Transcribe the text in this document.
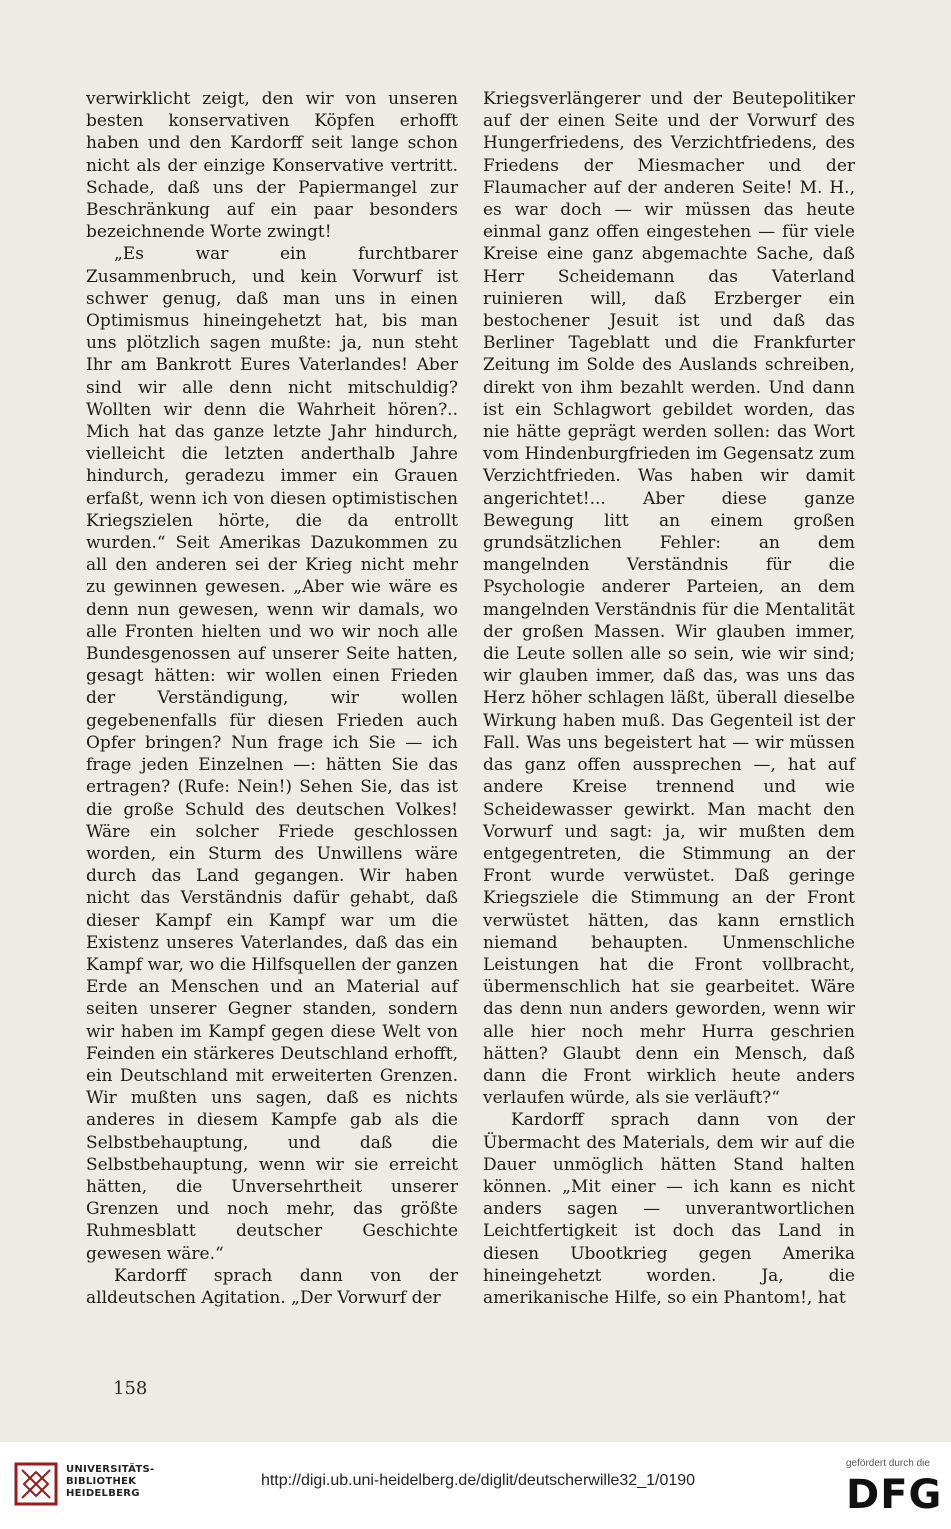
verwirklicht zeigt, den wir von unseren besten konservativen Köpfen erhofft haben und den Kardorff seit lange schon nicht als der einzige Konservative vertritt. Schade, daß uns der Papiermangel zur Beschränkung auf ein paar besonders bezeichnende Worte zwingt!

„Es war ein furchtbarer Zusammenbruch, und kein Vorwurf ist schwer genug, daß man uns in einen Optimismus hineingehetzt hat, bis man uns plötzlich sagen mußte: ja, nun steht Ihr am Bankrott Eures Vaterlandes! Aber sind wir alle denn nicht mitschuldig? Wollten wir denn die Wahrheit hören?.. Mich hat das ganze letzte Jahr hindurch, vielleicht die letzten anderthalb Jahre hindurch, geradezu immer ein Grauen erfaßt, wenn ich von diesen optimistischen Kriegszielen hörte, die da entrollt wurden.“ Seit Amerikas Dazukommen zu all den anderen sei der Krieg nicht mehr zu gewinnen gewesen. „Aber wie wäre es denn nun gewesen, wenn wir damals, wo alle Fronten hielten und wo wir noch alle Bundesgenossen auf unserer Seite hatten, gesagt hätten: wir wollen einen Frieden der Verständigung, wir wollen gegebenenfalls für diesen Frieden auch Opfer bringen? Nun frage ich Sie — ich frage jeden Einzelnen —: hätten Sie das ertragen? (Rufe: Nein!) Sehen Sie, das ist die große Schuld des deutschen Volkes! Wäre ein solcher Friede geschlossen worden, ein Sturm des Unwillens wäre durch das Land gegangen. Wir haben nicht das Verständnis dafür gehabt, daß dieser Kampf ein Kampf war um die Existenz unseres Vaterlandes, daß das ein Kampf war, wo die Hilfsquellen der ganzen Erde an Menschen und an Material auf seiten unserer Gegner standen, sondern wir haben im Kampf gegen diese Welt von Feinden ein stärkeres Deutschland erhofft, ein Deutschland mit erweiterten Grenzen. Wir mußten uns sagen, daß es nichts anderes in diesem Kampfe gab als die Selbstbehauptung, und daß die Selbstbehauptung, wenn wir sie erreicht hätten, die Unversehrtheit unserer Grenzen und noch mehr, das größte Ruhmesblatt deutscher Geschichte gewesen wäre.“

Kardorff sprach dann von der alldeutschen Agitation. „Der Vorwurf der

Kriegsverlängerer und der Beutepolitiker auf der einen Seite und der Vorwurf des Hungerfriedens, des Verzichtfriedens, des Friedens der Miesmacher und der Flaumacher auf der anderen Seite! M. H., es war doch — wir müssen das heute einmal ganz offen eingestehen — für viele Kreise eine ganz abgemachte Sache, daß Herr Scheidemann das Vaterland ruinieren will, daß Erzberger ein bestochener Jesuit ist und daß das Berliner Tageblatt und die Frankfurter Zeitung im Solde des Auslands schreiben, direkt von ihm bezahlt werden. Und dann ist ein Schlagwort gebildet worden, das nie hätte geprägt werden sollen: das Wort vom Hindenburgfrieden im Gegensatz zum Verzichtfrieden. Was haben wir damit angerichtet!... Aber diese ganze Bewegung litt an einem großen grundsätzlichen Fehler: an dem mangelnden Verständnis für die Psychologie anderer Parteien, an dem mangelnden Verständnis für die Mentalität der großen Massen. Wir glauben immer, die Leute sollen alle so sein, wie wir sind; wir glauben immer, daß das, was uns das Herz höher schlagen läßt, überall dieselbe Wirkung haben muß. Das Gegenteil ist der Fall. Was uns begeistert hat — wir müssen das ganz offen aussprechen —, hat auf andere Kreise trennend und wie Scheidewasser gewirkt. Man macht den Vorwurf und sagt: ja, wir mußten dem entgegentreten, die Stimmung an der Front wurde verwüstet. Daß geringe Kriegsziele die Stimmung an der Front verwüstet hätten, das kann ernstlich niemand behaupten. Unmenschliche Leistungen hat die Front vollbracht, übermenschlich hat sie gearbeitet. Wäre das denn nun anders geworden, wenn wir alle hier noch mehr Hurra geschrien hätten? Glaubt denn ein Mensch, daß dann die Front wirklich heute anders verlaufen würde, als sie verläuft?“

Kardorff sprach dann von der Übermacht des Materials, dem wir auf die Dauer unmöglich hätten Stand halten können. „Mit einer — ich kann es nicht anders sagen — unverantwortlichen Leichtfertigkeit ist doch das Land in diesen Ubootkrieg gegen Amerika hineingehetzt worden. Ja, die amerikanische Hilfe, so ein Phantom!, hat

158
UNIVERSITÄTS-
BIBLIOTHEK
HEIDELBERG
http://digi.ub.uni-heidelberg.de/diglit/deutscherwille32_1/0190
gefördert durch die
DFG
